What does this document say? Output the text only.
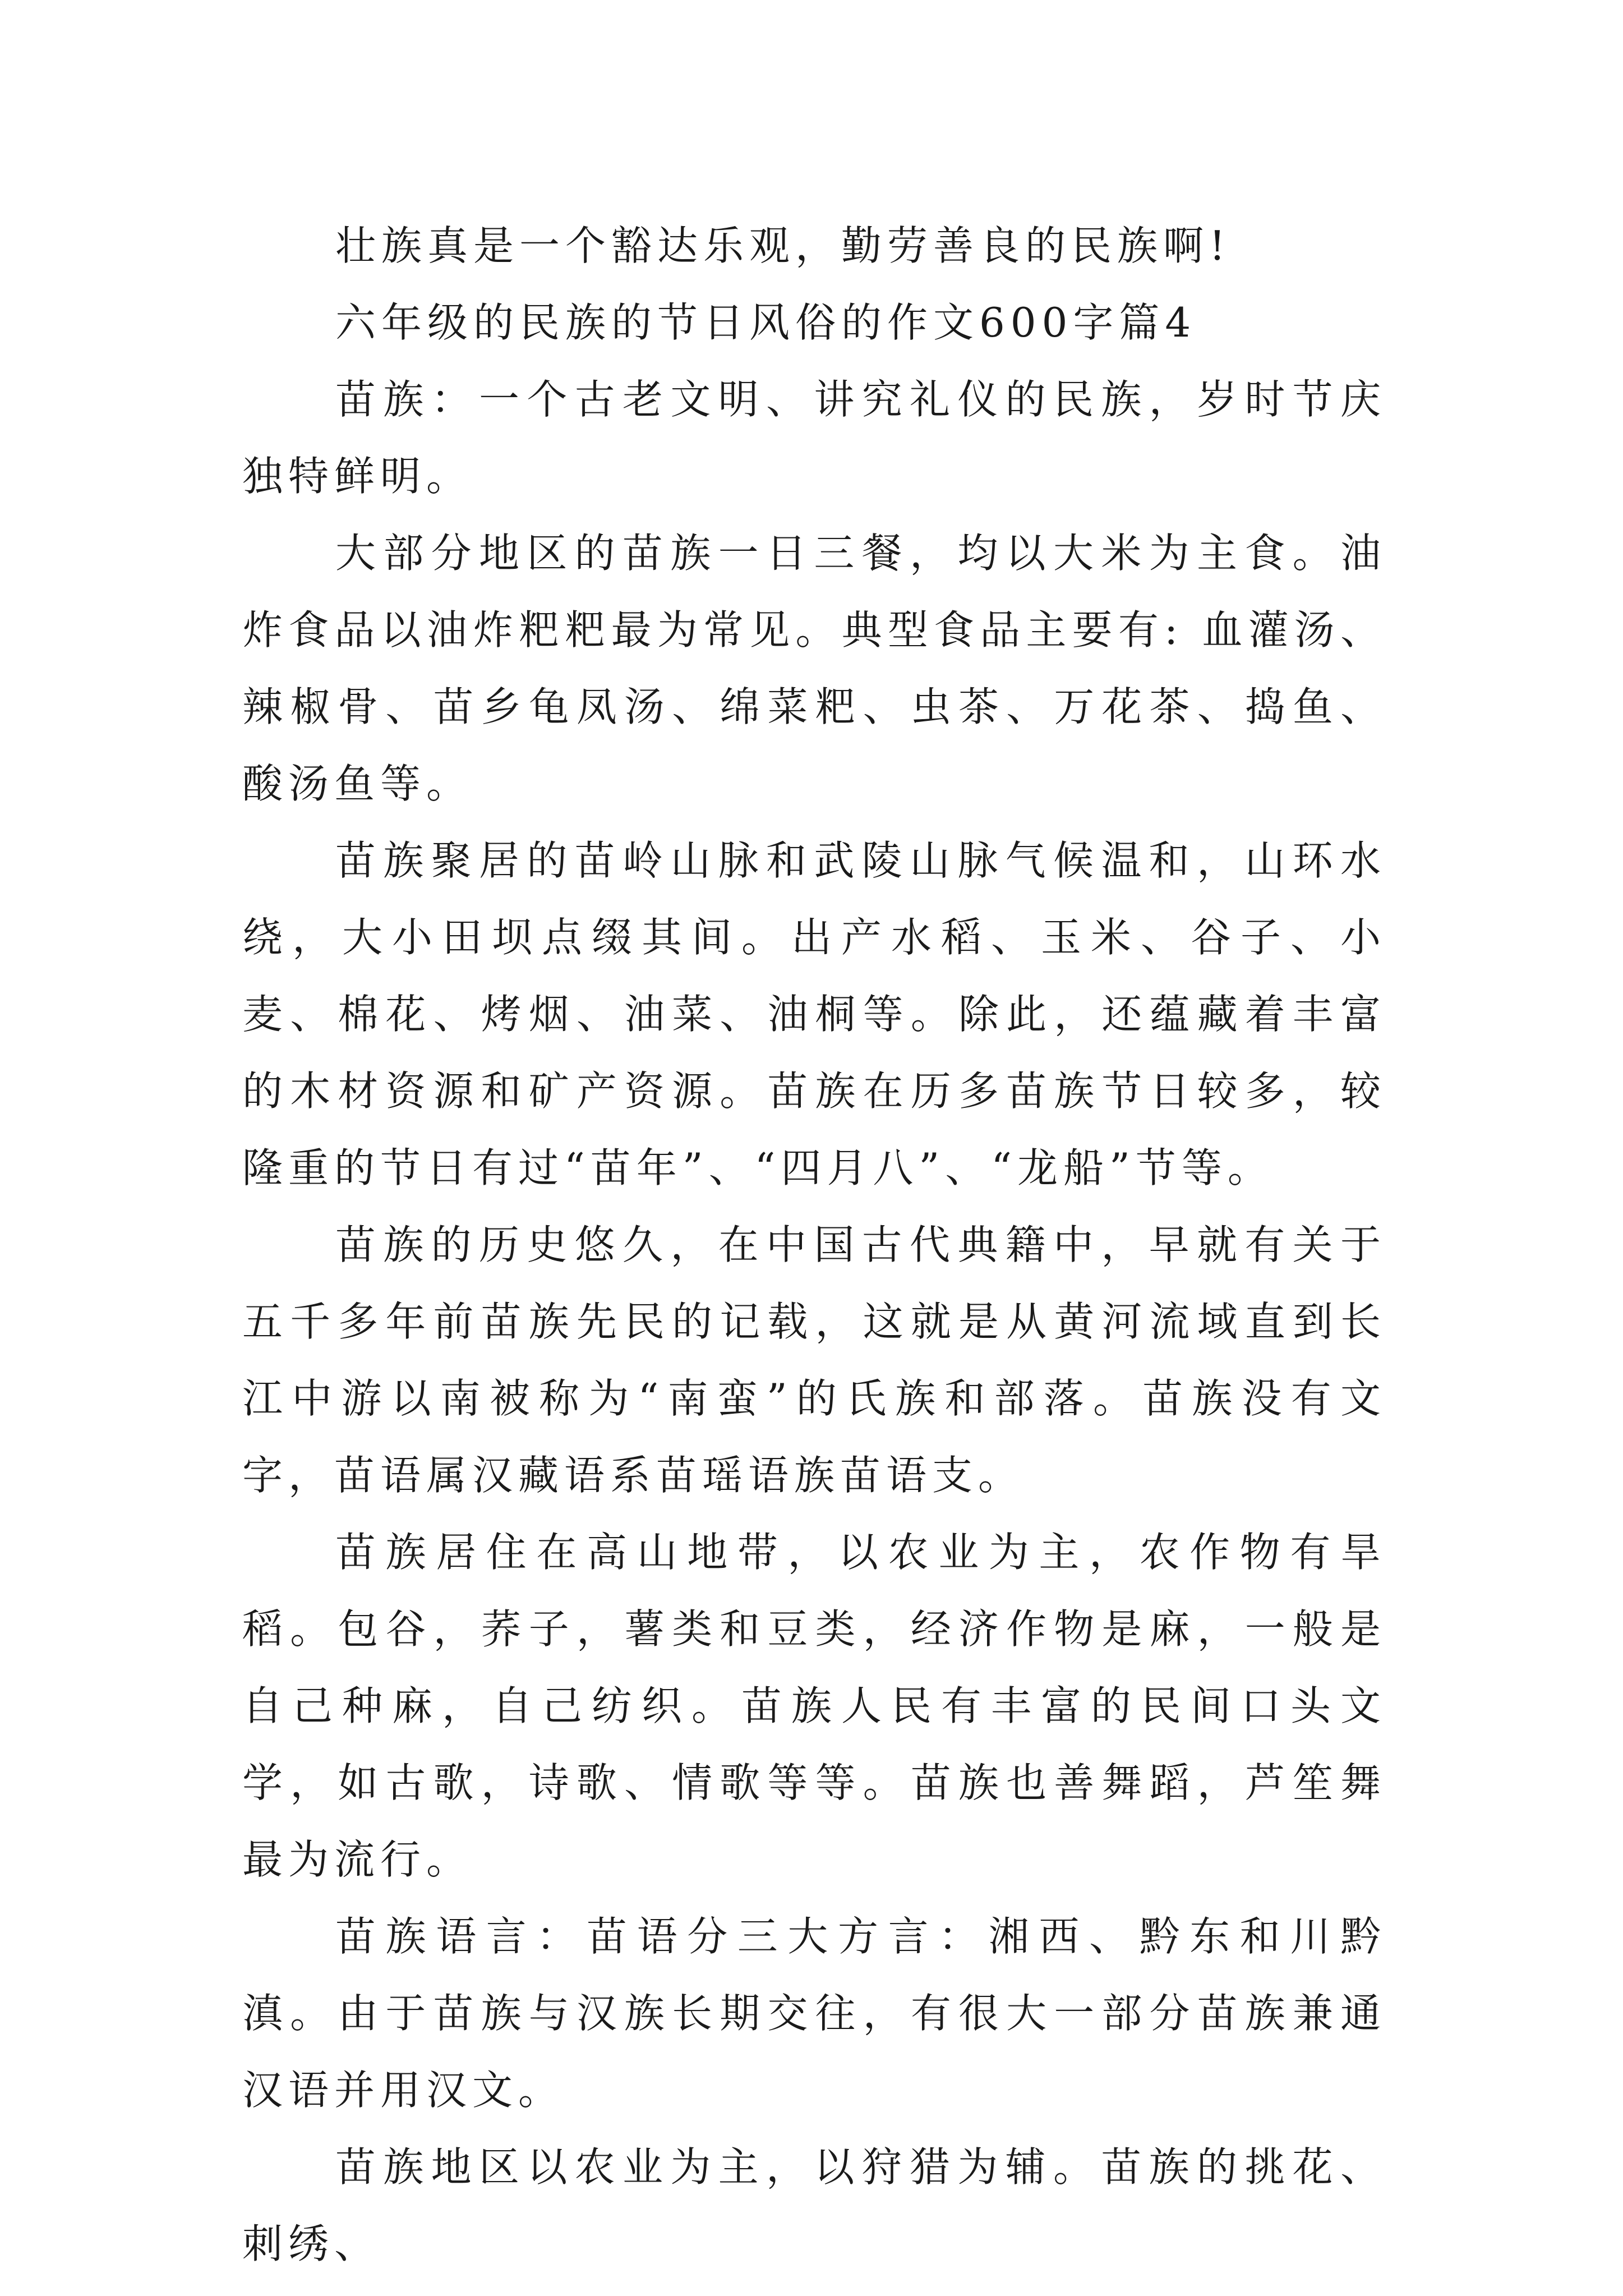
壮族真是一个豁达乐观，勤劳善良的民族啊!

六年级的民族的节日风俗的作文600字篇4

苗族：一个古老文明、讲究礼仪的民族，岁时节庆独特鲜明。

大部分地区的苗族一日三餐，均以大米为主食。油炸食品以油炸粑粑最为常见。典型食品主要有: 血灌汤、辣椒骨、苗乡龟凤汤、绵菜粑、虫茶、万花茶、捣鱼、酸汤鱼等。

苗族聚居的苗岭山脉和武陵山脉气候温和，山环水绕，大小田坝点缀其间。出产水稻、玉米、谷子、小麦、棉花、烤烟、油菜、油桐等。除此，还蕴藏着丰富的木材资源和矿产资源。苗族在历多苗族节日较多，较隆重的节日有过“苗年”、“四月八”、“龙船”节等。

苗族的历史悠久，在中国古代典籍中，早就有关于五千多年前苗族先民的记载，这就是从黄河流域直到长江中游以南被称为“南蛮”的氏族和部落。苗族没有文字，苗语属汉藏语系苗瑶语族苗语支。

苗族居住在高山地带，以农业为主，农作物有旱稻。包谷，荞子，薯类和豆类，经济作物是麻，一般是自己种麻，自己纺织。苗族人民有丰富的民间口头文学，如古歌，诗歌、情歌等等。苗族也善舞蹈，芦笙舞最为流行。

苗族语言：苗语分三大方言：湘西、黔东和川黔滇。由于苗族与汉族长期交往，有很大一部分苗族兼通汉语并用汉文。

苗族地区以农业为主，以狩猎为辅。苗族的挑花、刺绣、
